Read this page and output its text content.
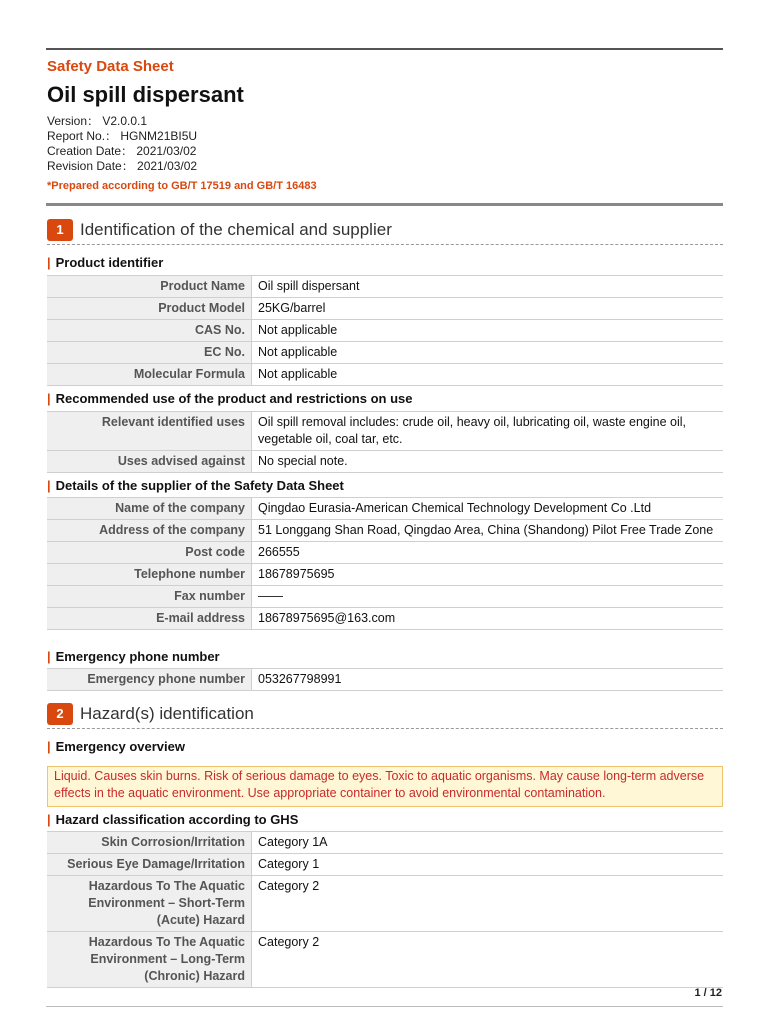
Safety Data Sheet
Oil spill dispersant
Version： V2.0.0.1
Report No.： HGNM21BI5U
Creation Date： 2021/03/02
Revision Date： 2021/03/02
*Prepared according to GB/T 17519 and GB/T 16483
1 Identification of the chemical and supplier
| Product identifier
Product Name	Oil spill dispersant
Product Model	25KG/barrel
CAS No.	Not applicable
EC No.	Not applicable
Molecular Formula	Not applicable
| Recommended use of the product and restrictions on use
Relevant identified uses	Oil spill removal includes: crude oil, heavy oil, lubricating oil, waste engine oil, vegetable oil, coal tar, etc.
Uses advised against	No special note.
| Details of the supplier of the Safety Data Sheet
Name of the company	Qingdao Eurasia-American Chemical Technology Development Co .Ltd
Address of the company	51 Longgang Shan Road, Qingdao Area, China (Shandong) Pilot Free Trade Zone
Post code	266555
Telephone number	18678975695
Fax number	——
E-mail address	18678975695@163.com
| Emergency phone number
Emergency phone number	053267798991
2 Hazard(s) identification
| Emergency overview
Liquid. Causes skin burns. Risk of serious damage to eyes. Toxic to aquatic organisms. May cause long-term adverse effects in the aquatic environment. Use appropriate container to avoid environmental contamination.
| Hazard classification according to GHS
Skin Corrosion/Irritation	Category 1A
Serious Eye Damage/Irritation	Category 1
Hazardous To The Aquatic Environment – Short-Term (Acute) Hazard	Category 2
Hazardous To The Aquatic Environment – Long-Term (Chronic) Hazard	Category 2
1 / 12
